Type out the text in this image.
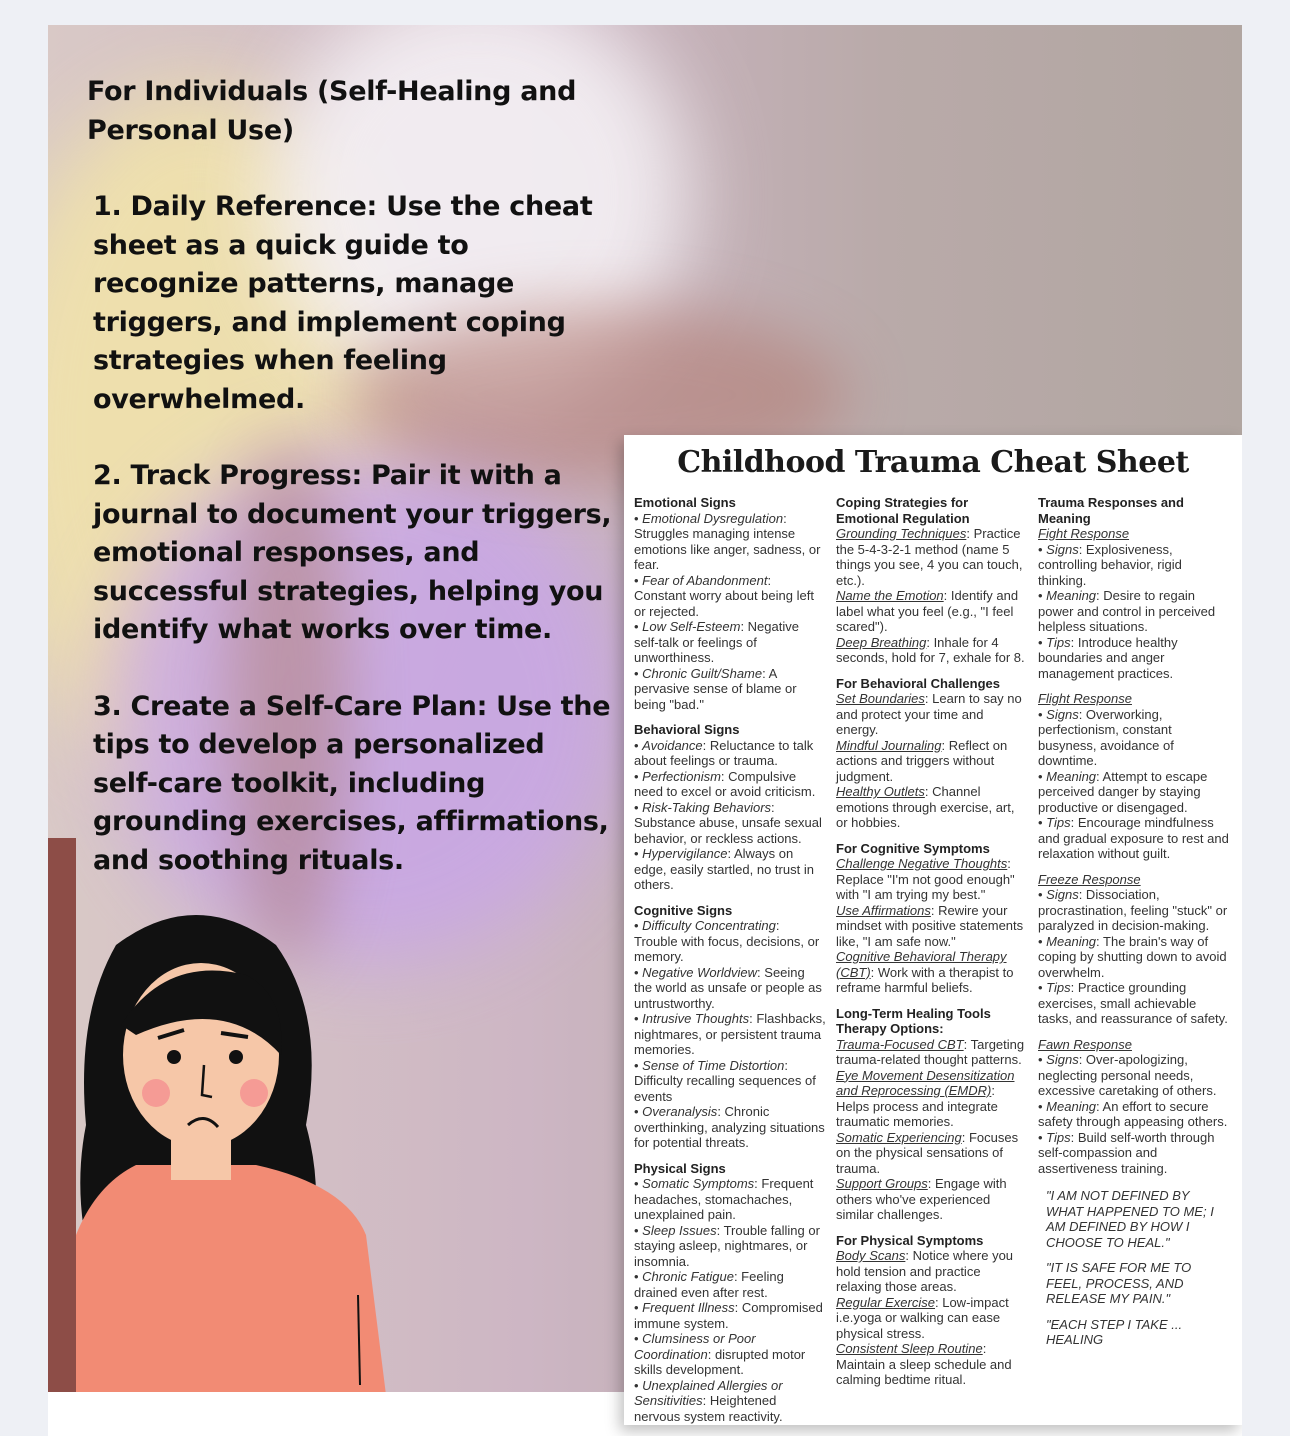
For Individuals (Self-Healing and Personal Use)

1. Daily Reference: Use the cheat sheet as a quick guide to recognize patterns, manage triggers, and implement coping strategies when feeling overwhelmed.

2. Track Progress: Pair it with a journal to document your triggers, emotional responses, and successful strategies, helping you identify what works over time.

3. Create a Self-Care Plan: Use the tips to develop a personalized self-care toolkit, including grounding exercises, affirmations, and soothing rituals.

Childhood Trauma Cheat Sheet
Emotional Signs

• Emotional Dysregulation: Struggles managing intense emotions like anger, sadness, or fear.

• Fear of Abandonment: Constant worry about being left or rejected.

• Low Self-Esteem: Negative self-talk or feelings of unworthiness.

• Chronic Guilt/Shame: A pervasive sense of blame or being "bad."

Behavioral Signs

• Avoidance: Reluctance to talk about feelings or trauma.

• Perfectionism: Compulsive need to excel or avoid criticism.

• Risk-Taking Behaviors: Substance abuse, unsafe sexual behavior, or reckless actions.

• Hypervigilance: Always on edge, easily startled, no trust in others.

Cognitive Signs

• Difficulty Concentrating: Trouble with focus, decisions, or memory.

• Negative Worldview: Seeing the world as unsafe or people as untrustworthy.

• Intrusive Thoughts: Flashbacks, nightmares, or persistent trauma memories.

• Sense of Time Distortion: Difficulty recalling sequences of events

• Overanalysis: Chronic overthinking, analyzing situations for potential threats.

Physical Signs

• Somatic Symptoms: Frequent headaches, stomachaches, unexplained pain.

• Sleep Issues: Trouble falling or staying asleep, nightmares, or insomnia.

• Chronic Fatigue: Feeling drained even after rest.

• Frequent Illness: Compromised immune system.

• Clumsiness or Poor Coordination: disrupted motor skills development.

• Unexplained Allergies or Sensitivities: Heightened nervous system reactivity.

Coping Strategies for Emotional Regulation

Grounding Techniques: Practice the 5-4-3-2-1 method (name 5 things you see, 4 you can touch, etc.).

Name the Emotion: Identify and label what you feel (e.g., "I feel scared").

Deep Breathing: Inhale for 4 seconds, hold for 7, exhale for 8.

For Behavioral Challenges

Set Boundaries: Learn to say no and protect your time and energy.

Mindful Journaling: Reflect on actions and triggers without judgment.

Healthy Outlets: Channel emotions through exercise, art, or hobbies.

For Cognitive Symptoms

Challenge Negative Thoughts: Replace "I'm not good enough" with "I am trying my best."

Use Affirmations: Rewire your mindset with positive statements like, "I am safe now."

Cognitive Behavioral Therapy (CBT): Work with a therapist to reframe harmful beliefs.

Long-Term Healing Tools Therapy Options:

Trauma-Focused CBT: Targeting trauma-related thought patterns.

Eye Movement Desensitization and Reprocessing (EMDR): Helps process and integrate traumatic memories.

Somatic Experiencing: Focuses on the physical sensations of trauma.

Support Groups: Engage with others who've experienced similar challenges.

For Physical Symptoms

Body Scans: Notice where you hold tension and practice relaxing those areas.

Regular Exercise: Low-impact i.e.yoga or walking can ease physical stress.

Consistent Sleep Routine: Maintain a sleep schedule and calming bedtime ritual.

Trauma Responses and Meaning

Fight Response

• Signs: Explosiveness, controlling behavior, rigid thinking.

• Meaning: Desire to regain power and control in perceived helpless situations.

• Tips: Introduce healthy boundaries and anger management practices.

Flight Response

• Signs: Overworking, perfectionism, constant busyness, avoidance of downtime.

• Meaning: Attempt to escape perceived danger by staying productive or disengaged.

• Tips: Encourage mindfulness and gradual exposure to rest and relaxation without guilt.

Freeze Response

• Signs: Dissociation, procrastination, feeling "stuck" or paralyzed in decision-making.

• Meaning: The brain's way of coping by shutting down to avoid overwhelm.

• Tips: Practice grounding exercises, small achievable tasks, and reassurance of safety.

Fawn Response

• Signs: Over-apologizing, neglecting personal needs, excessive caretaking of others.

• Meaning: An effort to secure safety through appeasing others.

• Tips: Build self-worth through self-compassion and assertiveness training.

"I AM NOT DEFINED BY WHAT HAPPENED TO ME; I AM DEFINED BY HOW I CHOOSE TO HEAL."

"IT IS SAFE FOR ME TO FEEL, PROCESS, AND RELEASE MY PAIN."

"EACH STEP I TAKE ... HEALING
